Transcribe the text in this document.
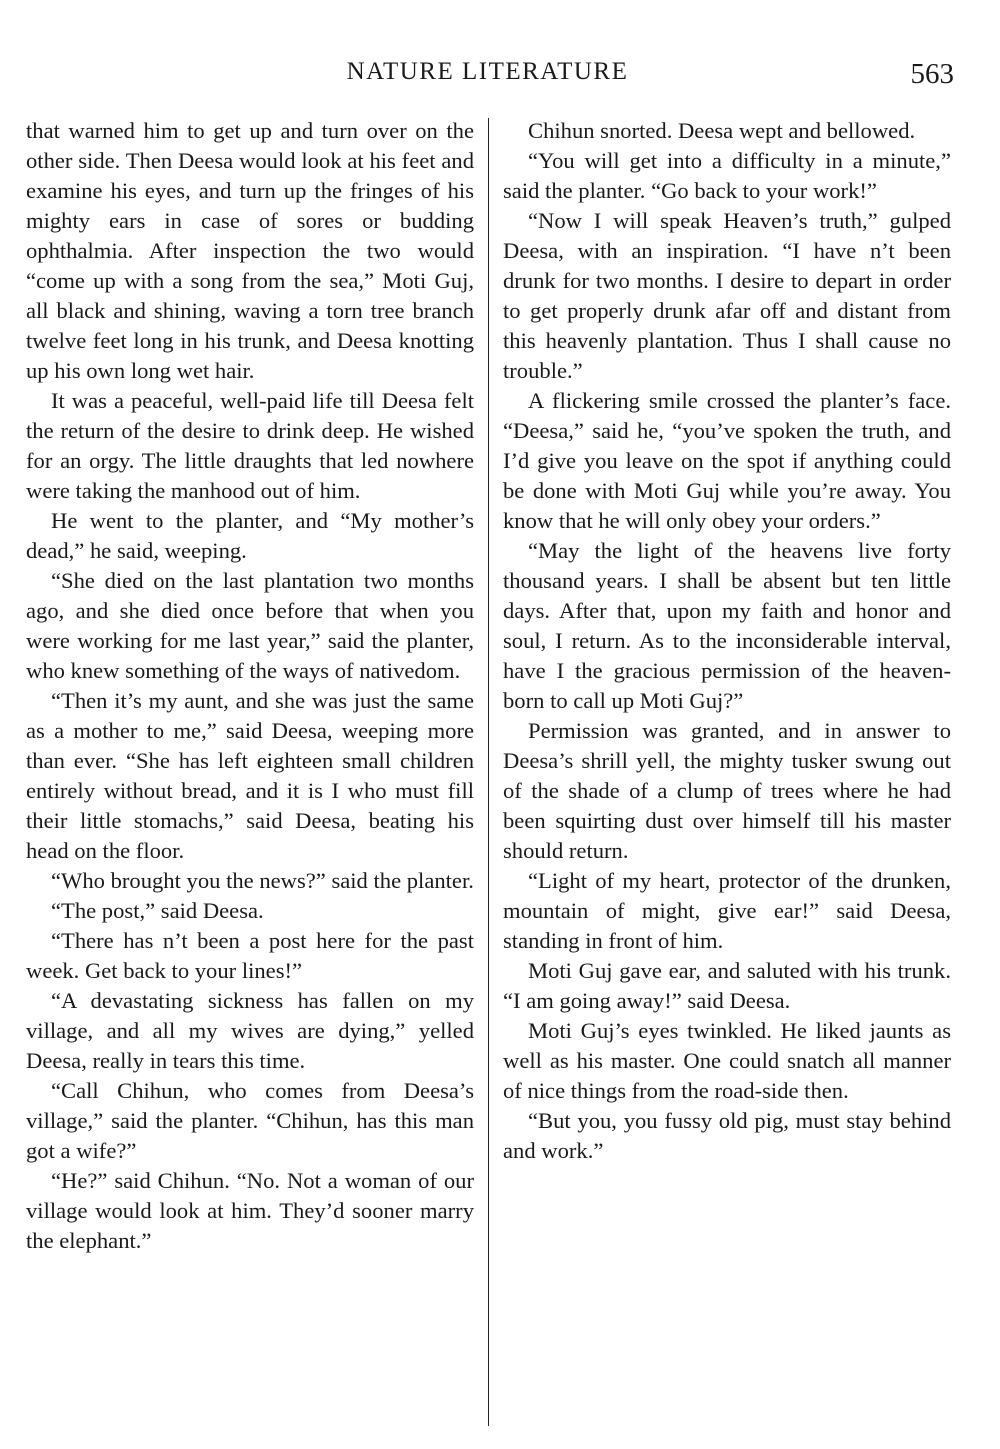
NATURE LITERATURE	563

that warned him to get up and turn over on the other side. Then Deesa would look at his feet and examine his eyes, and turn up the fringes of his mighty ears in case of sores or budding ophthalmia. After inspection the two would “come up with a song from the sea,” Moti Guj, all black and shining, waving a torn tree branch twelve feet long in his trunk, and Deesa knotting up his own long wet hair.

It was a peaceful, well-paid life till Deesa felt the return of the desire to drink deep. He wished for an orgy. The little draughts that led nowhere were taking the manhood out of him.

He went to the planter, and “My mother’s dead,” he said, weeping.

“She died on the last plantation two months ago, and she died once before that when you were working for me last year,” said the planter, who knew something of the ways of nativedom.

“Then it’s my aunt, and she was just the same as a mother to me,” said Deesa, weeping more than ever. “She has left eighteen small children entirely without bread, and it is I who must fill their little stomachs,” said Deesa, beating his head on the floor.

“Who brought you the news?” said the planter.

“The post,” said Deesa.

“There has n’t been a post here for the past week. Get back to your lines!”

“A devastating sickness has fallen on my village, and all my wives are dying,” yelled Deesa, really in tears this time.

“Call Chihun, who comes from Deesa’s village,” said the planter. “Chihun, has this man got a wife?”

“He?” said Chihun. “No. Not a woman of our village would look at him. They’d sooner marry the elephant.”

Chihun snorted. Deesa wept and bellowed.

“You will get into a difficulty in a minute,” said the planter. “Go back to your work!”

“Now I will speak Heaven’s truth,” gulped Deesa, with an inspiration. “I have n’t been drunk for two months. I desire to depart in order to get properly drunk afar off and distant from this heavenly plantation. Thus I shall cause no trouble.”

A flickering smile crossed the planter’s face. “Deesa,” said he, “you’ve spoken the truth, and I’d give you leave on the spot if anything could be done with Moti Guj while you’re away. You know that he will only obey your orders.”

“May the light of the heavens live forty thousand years. I shall be absent but ten little days. After that, upon my faith and honor and soul, I return. As to the inconsiderable interval, have I the gracious permission of the heaven-born to call up Moti Guj?”

Permission was granted, and in answer to Deesa’s shrill yell, the mighty tusker swung out of the shade of a clump of trees where he had been squirting dust over himself till his master should return.

“Light of my heart, protector of the drunken, mountain of might, give ear!” said Deesa, standing in front of him.

Moti Guj gave ear, and saluted with his trunk. “I am going away!” said Deesa.

Moti Guj’s eyes twinkled. He liked jaunts as well as his master. One could snatch all manner of nice things from the road-side then.

“But you, you fussy old pig, must stay behind and work.”
